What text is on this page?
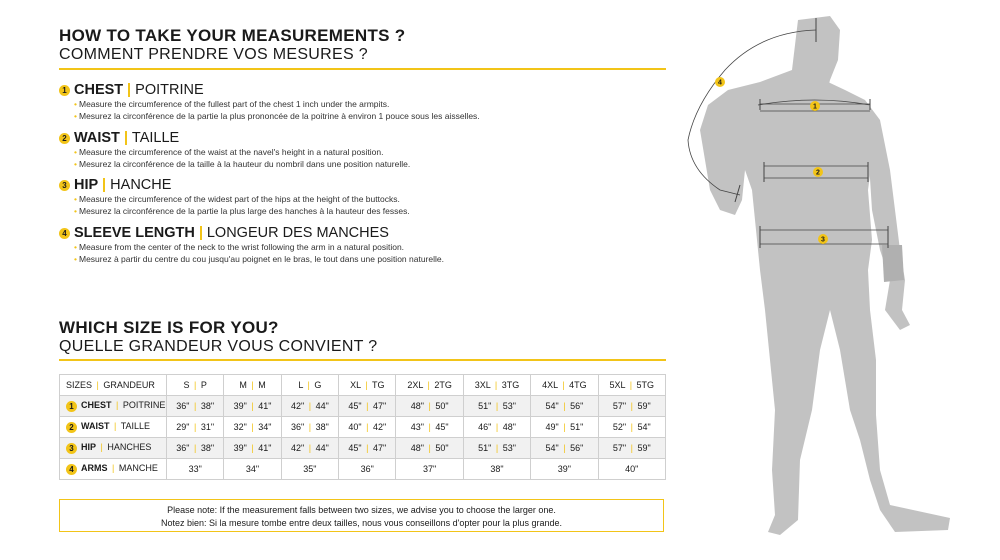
HOW TO TAKE YOUR MEASUREMENTS ?
COMMENT PRENDRE VOS MESURES ?
1 CHEST POITRINE
• Measure the circumference of the fullest part of the chest 1 inch under the armpits.
• Mesurez la circonférence de la partie la plus prononcée de la poitrine à environ 1 pouce sous les aisselles.
2 WAIST TAILLE
• Measure the circumference of the waist at the navel's height in a natural position.
• Mesurez la circonférence de la taille à la hauteur du nombril dans une position naturelle.
3 HIP HANCHE
• Measure the circumference of the widest part of the hips at the height of the buttocks.
• Mesurez la circonférence de la partie la plus large des hanches à la hauteur des fesses.
4 SLEEVE LENGTH LONGEUR DES MANCHES
• Measure from the center of the neck to the wrist following the arm in a natural position.
• Mesurez à partir du centre du cou jusqu'au poignet en le bras, le tout dans une position naturelle.
WHICH SIZE IS FOR YOU?
QUELLE GRANDEUR VOUS CONVIENT ?
SIZES | GRANDEUR	S | P	M | M	L | G	XL | TG	2XL | 2TG	3XL | 3TG	4XL | 4TG	5XL | 5TG
1 CHEST | POITRINE	36" | 38"	39" | 41"	42" | 44"	45" | 47"	48" | 50"	51" | 53"	54" | 56"	57" | 59"
2 WAIST | TAILLE	29" | 31"	32" | 34"	36" | 38"	40" | 42"	43" | 45"	46" | 48"	49" | 51"	52" | 54"
3 HIP | HANCHES	36" | 38"	39" | 41"	42" | 44"	45" | 47"	48" | 50"	51" | 53"	54" | 56"	57" | 59"
4 ARMS | MANCHE	33"	34"	35"	36"	37"	38"	39"	40"
Please note: If the measurement falls between two sizes, we advise you to choose the larger one.
Notez bien: Si la mesure tombe entre deux tailles, nous vous conseillons d'opter pour la plus grande.
1
2
3
4
